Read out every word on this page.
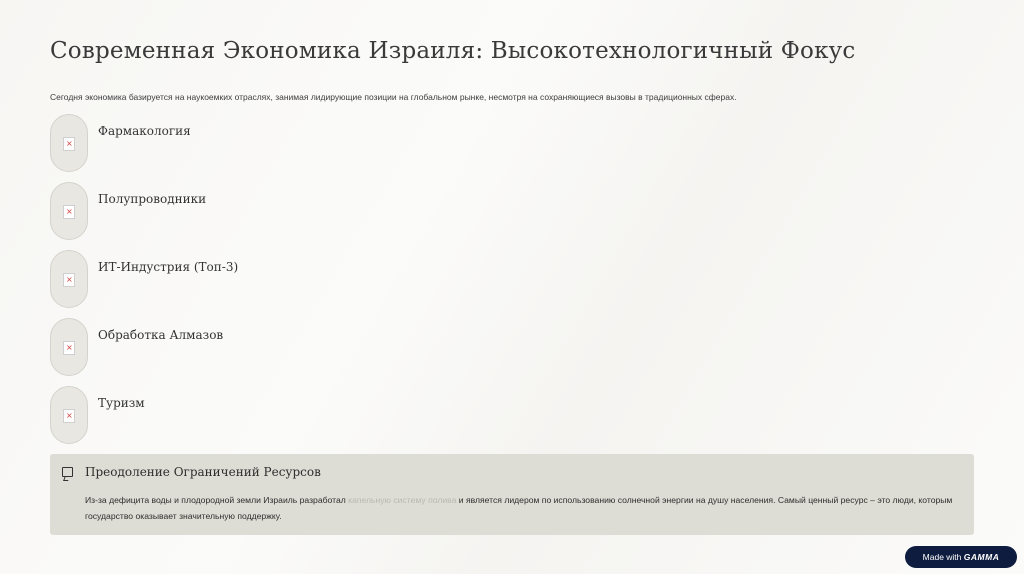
Современная Экономика Израиля: Высокотехнологичный Фокус
Сегодня экономика базируется на наукоемких отраслях, занимая лидирующие позиции на глобальном рынке, несмотря на сохраняющиеся вызовы в традиционных сферах.
×
Фармакология
×
Полупроводники
×
ИТ-Индустрия (Топ-3)
×
Обработка Алмазов
×
Туризм
Преодоление Ограничений Ресурсов
Из-за дефицита воды и плодородной земли Израиль разработал капельную систему полива и является лидером по использованию солнечной энергии на душу населения. Самый ценный ресурс – это люди, которым государство оказывает значительную поддержку.
Made with GAMMA
